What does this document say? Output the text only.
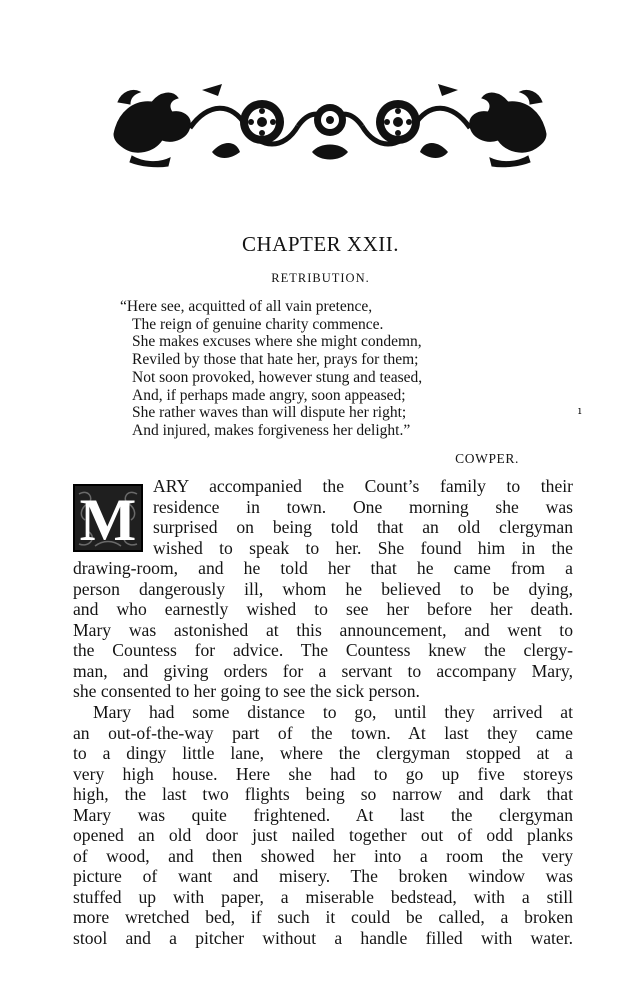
CHAPTER XXII.
RETRIBUTION.
“Here see, acquitted of all vain pretence,
The reign of genuine charity commence.
She makes excuses where she might condemn,
Reviled by those that hate her, prays for them;
Not soon provoked, however stung and teased,
And, if perhaps made angry, soon appeased;
She rather waves than will dispute her right;
And injured, makes forgiveness her delight.”
ı
COWPER.
M
ARY accompanied the Count’s family to their
residence in town. One morning she was
surprised on being told that an old clergyman
wished to speak to her. She found him in the
drawing-room, and he told her that he came from a
person dangerously ill, whom he believed to be dying,
and who earnestly wished to see her before her death.
Mary was astonished at this announcement, and went to
the Countess for advice. The Countess knew the clergy-
man, and giving orders for a servant to accompany Mary,
she consented to her going to see the sick person.
Mary had some distance to go, until they arrived at
an out-of-the-way part of the town. At last they came
to a dingy little lane, where the clergyman stopped at a
very high house. Here she had to go up five storeys
high, the last two flights being so narrow and dark that
Mary was quite frightened. At last the clergyman
opened an old door just nailed together out of odd planks
of wood, and then showed her into a room the very
picture of want and misery. The broken window was
stuffed up with paper, a miserable bedstead, with a still
more wretched bed, if such it could be called, a broken
stool and a pitcher without a handle filled with water.
